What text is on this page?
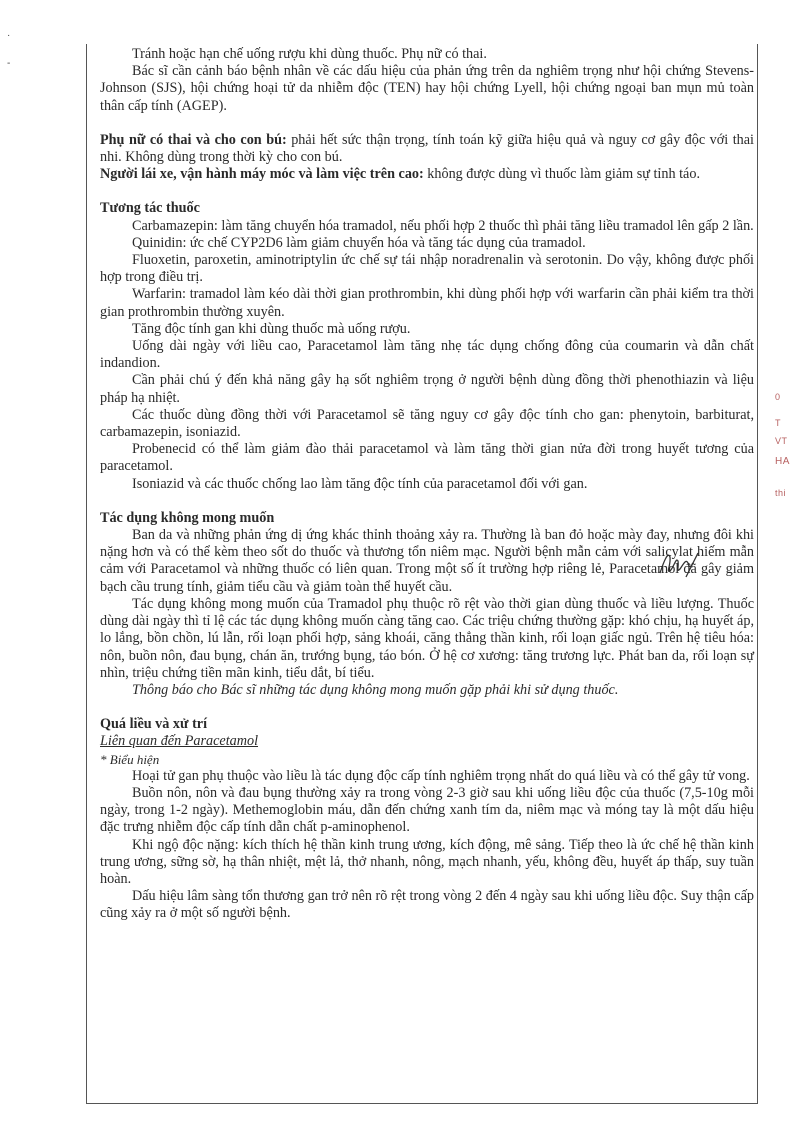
·
-
0
T
VT
HA
thi

Tránh hoặc hạn chế uống rượu khi dùng thuốc. Phụ nữ có thai.

Bác sĩ cần cảnh báo bệnh nhân về các dấu hiệu của phản ứng trên da nghiêm trọng như hội chứng Stevens-Johnson (SJS), hội chứng hoại tử da nhiễm độc (TEN) hay hội chứng Lyell, hội chứng ngoại ban mụn mủ toàn thân cấp tính (AGEP).

Phụ nữ có thai và cho con bú: phải hết sức thận trọng, tính toán kỹ giữa hiệu quả và nguy cơ gây độc với thai nhi. Không dùng trong thời kỳ cho con bú.

Người lái xe, vận hành máy móc và làm việc trên cao: không được dùng vì thuốc làm giảm sự tỉnh táo.

Tương tác thuốc

Carbamazepin: làm tăng chuyển hóa tramadol, nếu phối hợp 2 thuốc thì phải tăng liều tramadol lên gấp 2 lần.

Quinidin: ức chế CYP2D6 làm giảm chuyển hóa và tăng tác dụng của tramadol.

Fluoxetin, paroxetin, aminotriptylin ức chế sự tái nhập noradrenalin và serotonin. Do vậy, không được phối hợp trong điều trị.

Warfarin: tramadol làm kéo dài thời gian prothrombin, khi dùng phối hợp với warfarin cần phải kiểm tra thời gian prothrombin thường xuyên.

Tăng độc tính gan khi dùng thuốc mà uống rượu.

Uống dài ngày với liều cao, Paracetamol làm tăng nhẹ tác dụng chống đông của coumarin và dẫn chất indandion.

Cần phải chú ý đến khả năng gây hạ sốt nghiêm trọng ở người bệnh dùng đồng thời phenothiazin và liệu pháp hạ nhiệt.

Các thuốc dùng đồng thời với Paracetamol sẽ tăng nguy cơ gây độc tính cho gan: phenytoin, barbiturat, carbamazepin, isoniazid.

Probenecid có thể làm giảm đào thải paracetamol và làm tăng thời gian nửa đời trong huyết tương của paracetamol.

Isoniazid và các thuốc chống lao làm tăng độc tính của paracetamol đối với gan.

Tác dụng không mong muốn

Ban da và những phản ứng dị ứng khác thỉnh thoảng xảy ra. Thường là ban đỏ hoặc mày đay, nhưng đôi khi nặng hơn và có thể kèm theo sốt do thuốc và thương tổn niêm mạc. Người bệnh mẫn cảm với salicylat hiếm mẫn cảm với Paracetamol và những thuốc có liên quan. Trong một số ít trường hợp riêng lẻ, Paracetamol đã gây giảm bạch cầu trung tính, giảm tiểu cầu và giảm toàn thể huyết cầu.

Tác dụng không mong muốn của Tramadol phụ thuộc rõ rệt vào thời gian dùng thuốc và liều lượng. Thuốc dùng dài ngày thì tỉ lệ các tác dụng không muốn càng tăng cao. Các triệu chứng thường gặp: khó chịu, hạ huyết áp, lo lắng, bồn chồn, lú lẫn, rối loạn phối hợp, sảng khoái, căng thẳng thần kinh, rối loạn giấc ngủ. Trên hệ tiêu hóa: nôn, buồn nôn, đau bụng, chán ăn, trướng bụng, táo bón. Ở hệ cơ xương: tăng trương lực. Phát ban da, rối loạn sự nhìn, triệu chứng tiền mãn kinh, tiểu dắt, bí tiểu.

Thông báo cho Bác sĩ những tác dụng không mong muốn gặp phải khi sử dụng thuốc.

Quá liều và xử trí

Liên quan đến Paracetamol

* Biểu hiện

Hoại tử gan phụ thuộc vào liều là tác dụng độc cấp tính nghiêm trọng nhất do quá liều và có thể gây tử vong.

Buồn nôn, nôn và đau bụng thường xảy ra trong vòng 2-3 giờ sau khi uống liều độc của thuốc (7,5-10g mỗi ngày, trong 1-2 ngày). Methemoglobin máu, dẫn đến chứng xanh tím da, niêm mạc và móng tay là một dấu hiệu đặc trưng nhiễm độc cấp tính dẫn chất p-aminophenol.

Khi ngộ độc nặng: kích thích hệ thần kinh trung ương, kích động, mê sảng. Tiếp theo là ức chế hệ thần kinh trung ương, sững sờ, hạ thân nhiệt, mệt lả, thở nhanh, nông, mạch nhanh, yếu, không đều, huyết áp thấp, suy tuần hoàn.

Dấu hiệu lâm sàng tổn thương gan trở nên rõ rệt trong vòng 2 đến 4 ngày sau khi uống liều độc. Suy thận cấp cũng xảy ra ở một số người bệnh.
